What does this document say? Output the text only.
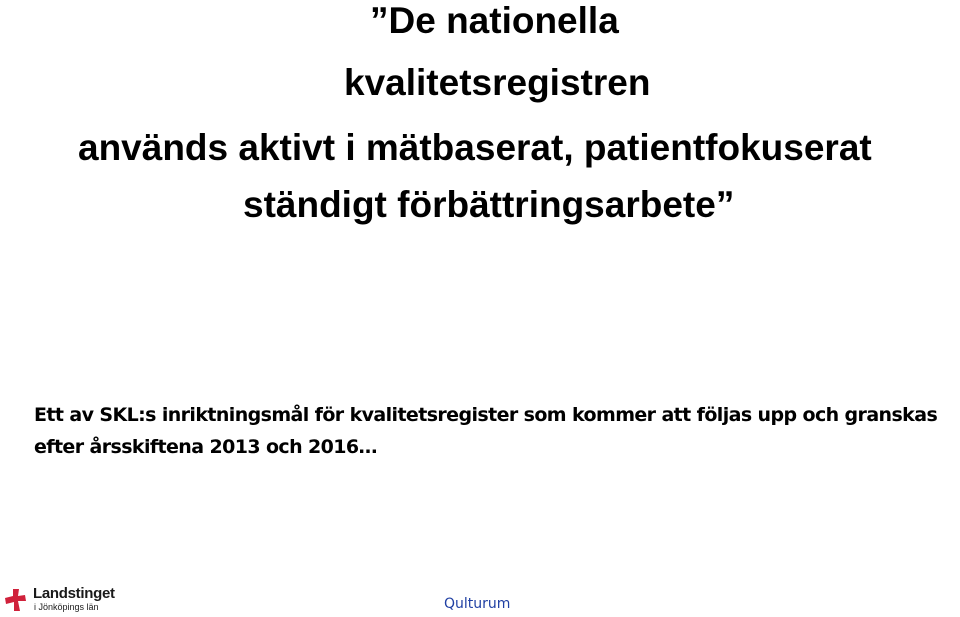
”De nationella
kvalitetsregistren
används aktivt i mätbaserat, patientfokuserat
ständigt förbättringsarbete”
Ett av SKL:s inriktningsmål för kvalitetsregister som kommer att följas upp och granskas
efter årsskiftena 2013 och 2016…
Landstinget
i Jönköpings län	Qulturum
